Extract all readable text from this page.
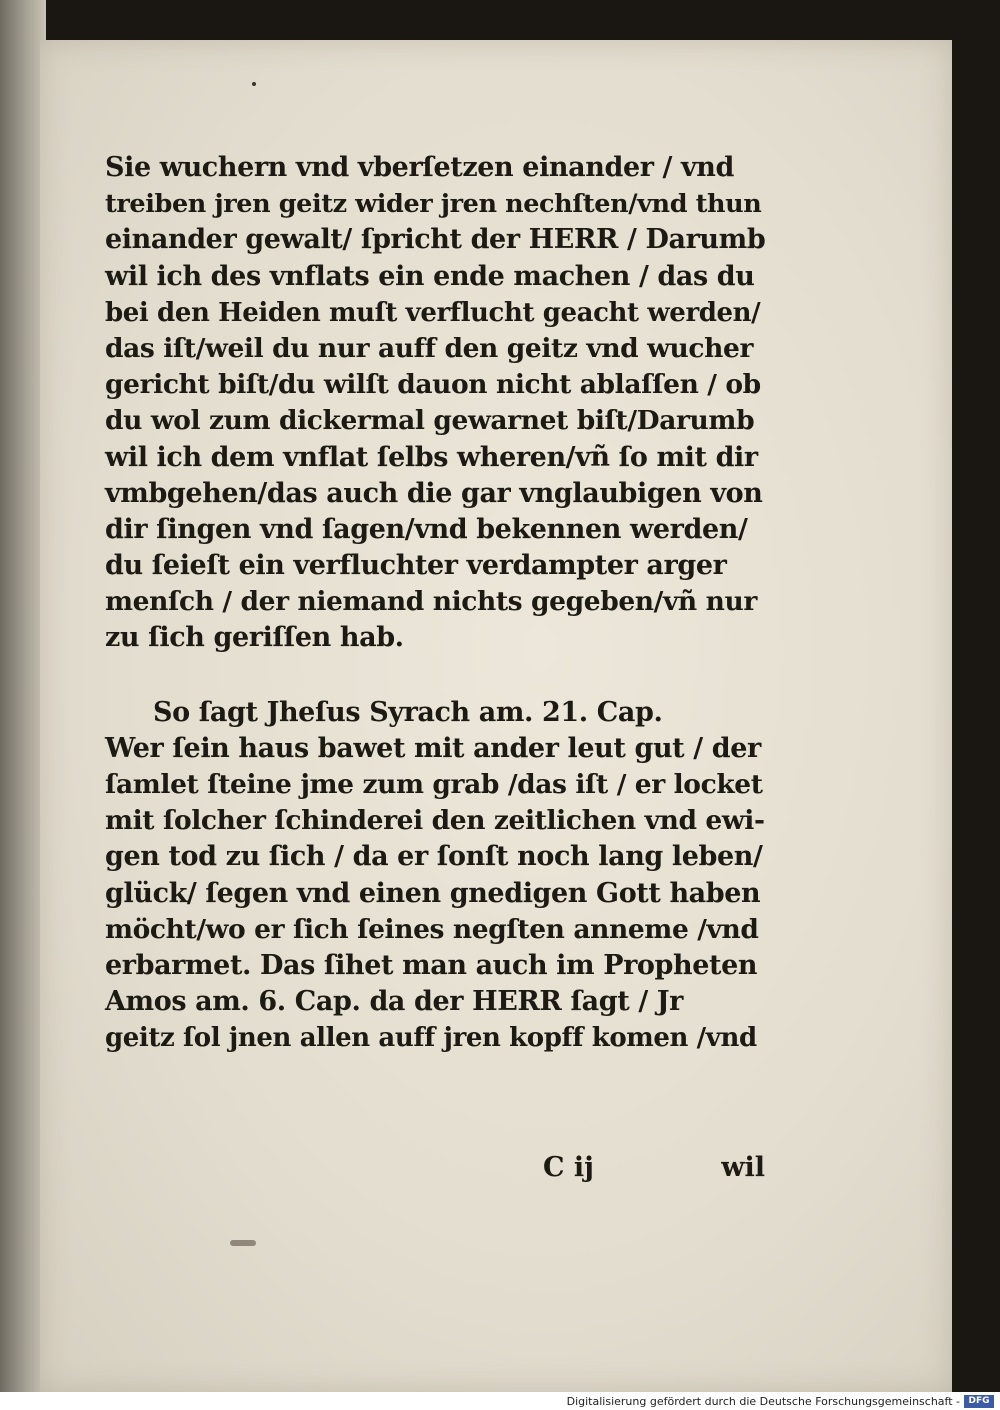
Sie wuchern vnd vberſetzen einander / vnd
treiben jren geitz wider jren nechſten/vnd thun
einander gewalt/ ſpricht der HERR / Darumb
wil ich des vnflats ein ende machen / das du
bei den Heiden muſt verflucht geacht werden/
das iſt/weil du nur auff den geitz vnd wucher
gericht biſt/du wilſt dauon nicht ablaſſen / ob
du wol zum dickermal gewarnet biſt/Darumb
wil ich dem vnflat ſelbs wheren/vñ ſo mit dir
vmbgehen/das auch die gar vnglaubigen von
dir ſingen vnd ſagen/vnd bekennen werden/
du ſeieſt ein verfluchter verdampter arger
menſch / der niemand nichts gegeben/vñ nur
zu ſich geriſſen hab.
So ſagt Jheſus Syrach am. 21. Cap.
Wer ſein haus bawet mit ander leut gut / der
ſamlet ſteine jme zum grab /das iſt / er locket
mit ſolcher ſchinderei den zeitlichen vnd ewi-
gen tod zu ſich / da er ſonſt noch lang leben/
glück/ ſegen vnd einen gnedigen Gott haben
möcht/wo er ſich ſeines negſten anneme /vnd
erbarmet. Das ſihet man auch im Propheten
Amos am. 6. Cap. da der HERR ſagt / Jr
geitz ſol jnen allen auff jren kopff komen /vnd
C ij	wil
Digitalisierung gefördert durch die Deutsche Forschungsgemeinschaft - DFG
